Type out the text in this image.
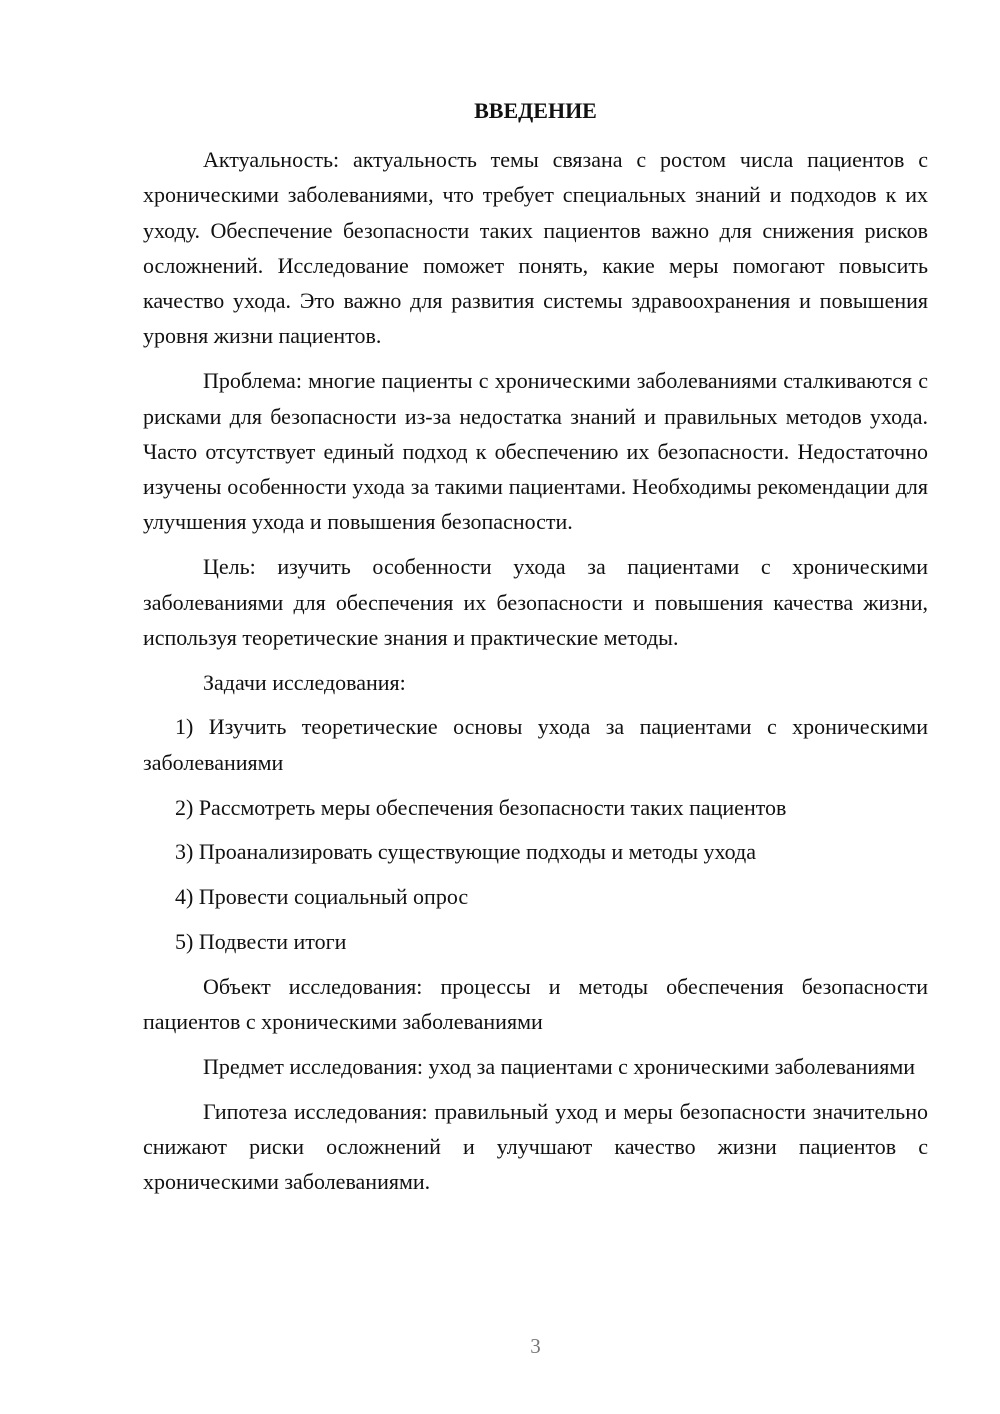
ВВЕДЕНИЕ

Актуальность: актуальность темы связана с ростом числа пациентов с хроническими заболеваниями, что требует специальных знаний и подходов к их уходу. Обеспечение безопасности таких пациентов важно для снижения рисков осложнений. Исследование поможет понять, какие меры помогают повысить качество ухода. Это важно для развития системы здравоохранения и повышения уровня жизни пациентов.

Проблема: многие пациенты с хроническими заболеваниями сталкиваются с рисками для безопасности из-за недостатка знаний и правильных методов ухода. Часто отсутствует единый подход к обеспечению их безопасности. Недостаточно изучены особенности ухода за такими пациентами. Необходимы рекомендации для улучшения ухода и повышения безопасности.

Цель: изучить особенности ухода за пациентами с хроническими заболеваниями для обеспечения их безопасности и повышения качества жизни, используя теоретические знания и практические методы.

Задачи исследования:

1) Изучить теоретические основы ухода за пациентами с хроническими заболеваниями

2) Рассмотреть меры обеспечения безопасности таких пациентов

3) Проанализировать существующие подходы и методы ухода

4) Провести социальный опрос

5) Подвести итоги

Объект исследования: процессы и методы обеспечения безопасности пациентов с хроническими заболеваниями

Предмет исследования: уход за пациентами с хроническими заболеваниями

Гипотеза исследования: правильный уход и меры безопасности значительно снижают риски осложнений и улучшают качество жизни пациентов с хроническими заболеваниями.

3
